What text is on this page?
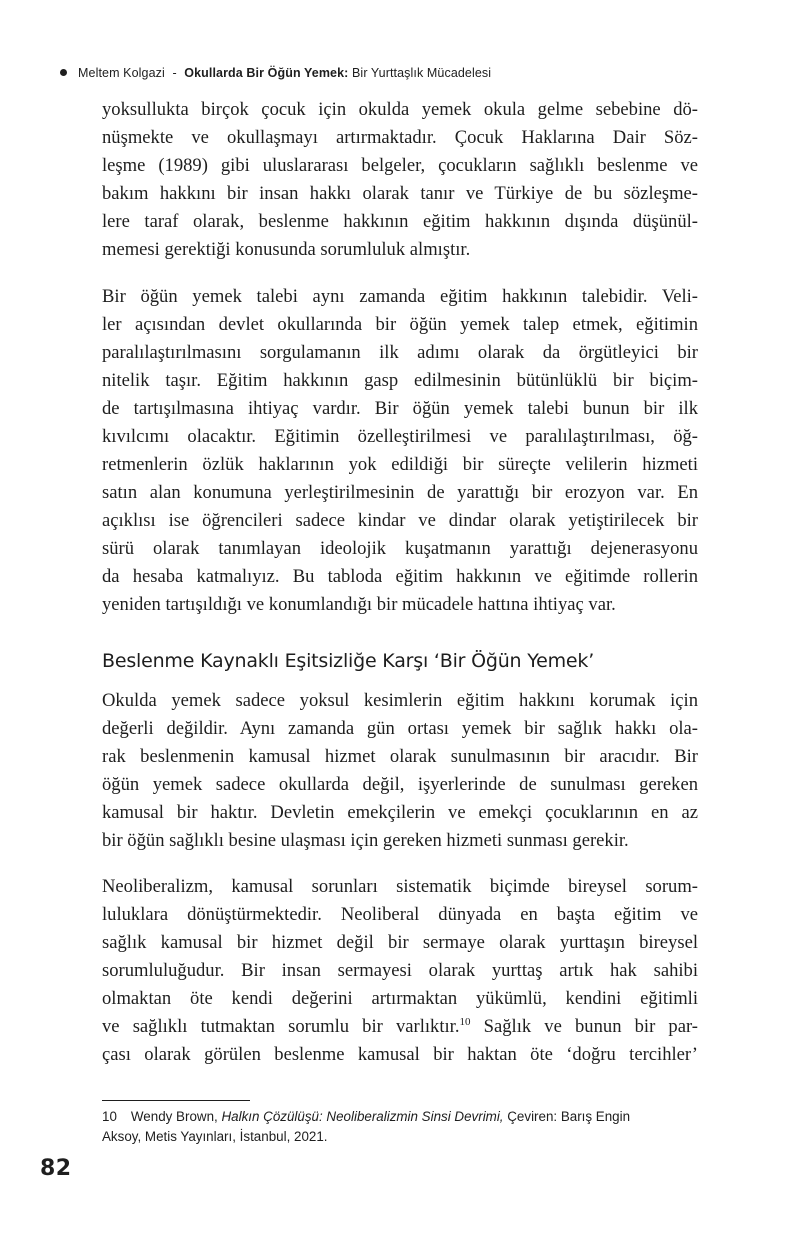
Meltem Kolgazi - Okullarda Bir Öğün Yemek: Bir Yurttaşlık Mücadelesi
yoksullukta birçok çocuk için okulda yemek okula gelme sebebine dö-
nüşmekte ve okullaşmayı artırmaktadır. Çocuk Haklarına Dair Söz-
leşme (1989) gibi uluslararası belgeler, çocukların sağlıklı beslenme ve
bakım hakkını bir insan hakkı olarak tanır ve Türkiye de bu sözleşme-
lere taraf olarak, beslenme hakkının eğitim hakkının dışında düşünül-
memesi gerektiği konusunda sorumluluk almıştır.
Bir öğün yemek talebi aynı zamanda eğitim hakkının talebidir. Veli-
ler açısından devlet okullarında bir öğün yemek talep etmek, eğitimin
paralılaştırılmasını sorgulamanın ilk adımı olarak da örgütleyici bir
nitelik taşır. Eğitim hakkının gasp edilmesinin bütünlüklü bir biçim-
de tartışılmasına ihtiyaç vardır. Bir öğün yemek talebi bunun bir ilk
kıvılcımı olacaktır. Eğitimin özelleştirilmesi ve paralılaştırılması, öğ-
retmenlerin özlük haklarının yok edildiği bir süreçte velilerin hizmeti
satın alan konumuna yerleştirilmesinin de yarattığı bir erozyon var. En
açıklısı ise öğrencileri sadece kindar ve dindar olarak yetiştirilecek bir
sürü olarak tanımlayan ideolojik kuşatmanın yarattığı dejenerasyonu
da hesaba katmalıyız. Bu tabloda eğitim hakkının ve eğitimde rollerin
yeniden tartışıldığı ve konumlandığı bir mücadele hattına ihtiyaç var.
Beslenme Kaynaklı Eşitsizliğe Karşı ‘Bir Öğün Yemek’
Okulda yemek sadece yoksul kesimlerin eğitim hakkını korumak için
değerli değildir. Aynı zamanda gün ortası yemek bir sağlık hakkı ola-
rak beslenmenin kamusal hizmet olarak sunulmasının bir aracıdır. Bir
öğün yemek sadece okullarda değil, işyerlerinde de sunulması gereken
kamusal bir haktır. Devletin emekçilerin ve emekçi çocuklarının en az
bir öğün sağlıklı besine ulaşması için gereken hizmeti sunması gerekir.
Neoliberalizm, kamusal sorunları sistematik biçimde bireysel sorum-
luluklara dönüştürmektedir. Neoliberal dünyada en başta eğitim ve
sağlık kamusal bir hizmet değil bir sermaye olarak yurttaşın bireysel
sorumluluğudur. Bir insan sermayesi olarak yurttaş artık hak sahibi
olmaktan öte kendi değerini artırmaktan yükümlü, kendini eğitimli
ve sağlıklı tutmaktan sorumlu bir varlıktır.$^{10}$ Sağlık ve bunun bir par-
çası olarak görülen beslenme kamusal bir haktan öte ‘doğru tercihler’
10 Wendy Brown, Halkın Çözülüşü: Neoliberalizmin Sinsi Devrimi, Çeviren: Barış Engin
Aksoy, Metis Yayınları, İstanbul, 2021.
82
